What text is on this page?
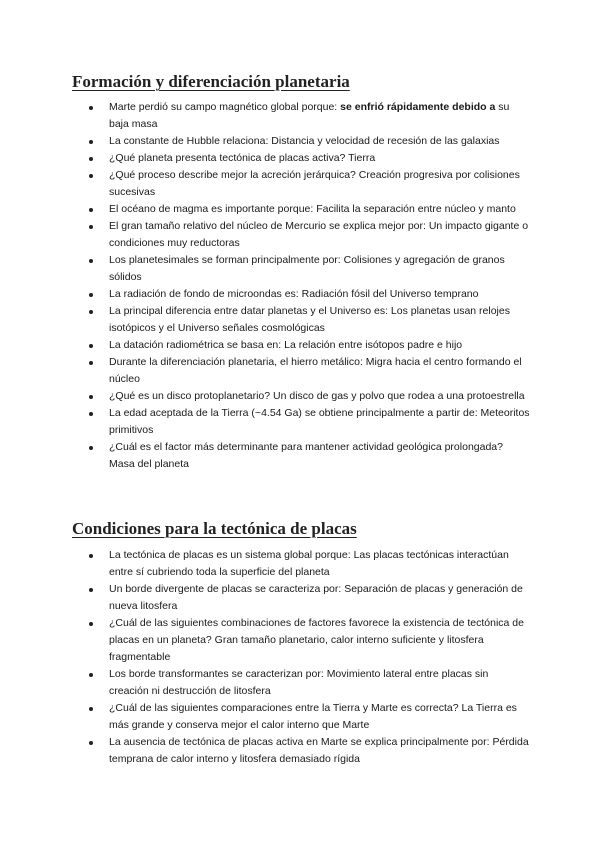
Formación y diferenciación planetaria
Marte perdió su campo magnético global porque: se enfrió rápidamente debido a su baja masa
La constante de Hubble relaciona: Distancia y velocidad de recesión de las galaxias
¿Qué planeta presenta tectónica de placas activa? Tierra
¿Qué proceso describe mejor la acreción jerárquica? Creación progresiva por colisiones sucesivas
El océano de magma es importante porque: Facilita la separación entre núcleo y manto
El gran tamaño relativo del núcleo de Mercurio se explica mejor por: Un impacto gigante o condiciones muy reductoras
Los planetesimales se forman principalmente por: Colisiones y agregación de granos sólidos
La radiación de fondo de microondas es: Radiación fósil del Universo temprano
La principal diferencia entre datar planetas y el Universo es: Los planetas usan relojes isotópicos y el Universo señales cosmológicas
La datación radiométrica se basa en: La relación entre isótopos padre e hijo
Durante la diferenciación planetaria, el hierro metálico: Migra hacia el centro formando el núcleo
¿Qué es un disco protoplanetario? Un disco de gas y polvo que rodea a una protoestrella
La edad aceptada de la Tierra (~4.54 Ga) se obtiene principalmente a partir de: Meteoritos primitivos
¿Cuál es el factor más determinante para mantener actividad geológica prolongada? Masa del planeta
Condiciones para la tectónica de placas
La tectónica de placas es un sistema global porque: Las placas tectónicas interactúan entre sí cubriendo toda la superficie del planeta
Un borde divergente de placas se caracteriza por: Separación de placas y generación de nueva litosfera
¿Cuál de las siguientes combinaciones de factores favorece la existencia de tectónica de placas en un planeta? Gran tamaño planetario, calor interno suficiente y litosfera fragmentable
Los borde transformantes se caracterizan por: Movimiento lateral entre placas sin creación ni destrucción de litosfera
¿Cuál de las siguientes comparaciones entre la Tierra y Marte es correcta? La Tierra es más grande y conserva mejor el calor interno que Marte
La ausencia de tectónica de placas activa en Marte se explica principalmente por: Pérdida temprana de calor interno y litosfera demasiado rígida
